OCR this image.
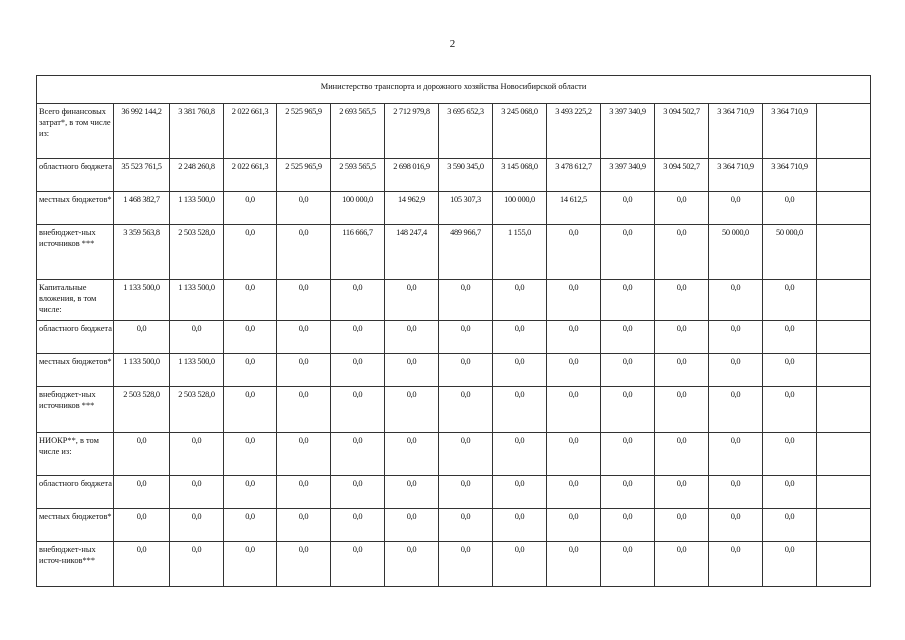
2
Министерство транспорта и дорожного хозяйства Новосибирской области														
Всего финансовых затрат*, в том числе из:	36 992 144,2	3 381 760,8	2 022 661,3	2 525 965,9	2 693 565,5	2 712 979,8	3 695 652,3	3 245 068,0	3 493 225,2	3 397 340,9	3 094 502,7	3 364 710,9	3 364 710,9	
областного бюджета	35 523 761,5	2 248 260,8	2 022 661,3	2 525 965,9	2 593 565,5	2 698 016,9	3 590 345,0	3 145 068,0	3 478 612,7	3 397 340,9	3 094 502,7	3 364 710,9	3 364 710,9	
местных бюджетов*	1 468 382,7	1 133 500,0	0,0	0,0	100 000,0	14 962,9	105 307,3	100 000,0	14 612,5	0,0	0,0	0,0	0,0	
внебюджет-ных источников ***	3 359 563,8	2 503 528,0	0,0	0,0	116 666,7	148 247,4	489 966,7	1 155,0	0,0	0,0	0,0	50 000,0	50 000,0	
Капитальные вложения, в том числе:	1 133 500,0	1 133 500,0	0,0	0,0	0,0	0,0	0,0	0,0	0,0	0,0	0,0	0,0	0,0	
областного бюджета	0,0	0,0	0,0	0,0	0,0	0,0	0,0	0,0	0,0	0,0	0,0	0,0	0,0	
местных бюджетов*	1 133 500,0	1 133 500,0	0,0	0,0	0,0	0,0	0,0	0,0	0,0	0,0	0,0	0,0	0,0	
внебюджет-ных источников ***	2 503 528,0	2 503 528,0	0,0	0,0	0,0	0,0	0,0	0,0	0,0	0,0	0,0	0,0	0,0	
НИОКР**, в том числе из:	0,0	0,0	0,0	0,0	0,0	0,0	0,0	0,0	0,0	0,0	0,0	0,0	0,0	
областного бюджета	0,0	0,0	0,0	0,0	0,0	0,0	0,0	0,0	0,0	0,0	0,0	0,0	0,0	
местных бюджетов*	0,0	0,0	0,0	0,0	0,0	0,0	0,0	0,0	0,0	0,0	0,0	0,0	0,0	
внебюджет-ных источ-ников***	0,0	0,0	0,0	0,0	0,0	0,0	0,0	0,0	0,0	0,0	0,0	0,0	0,0	
